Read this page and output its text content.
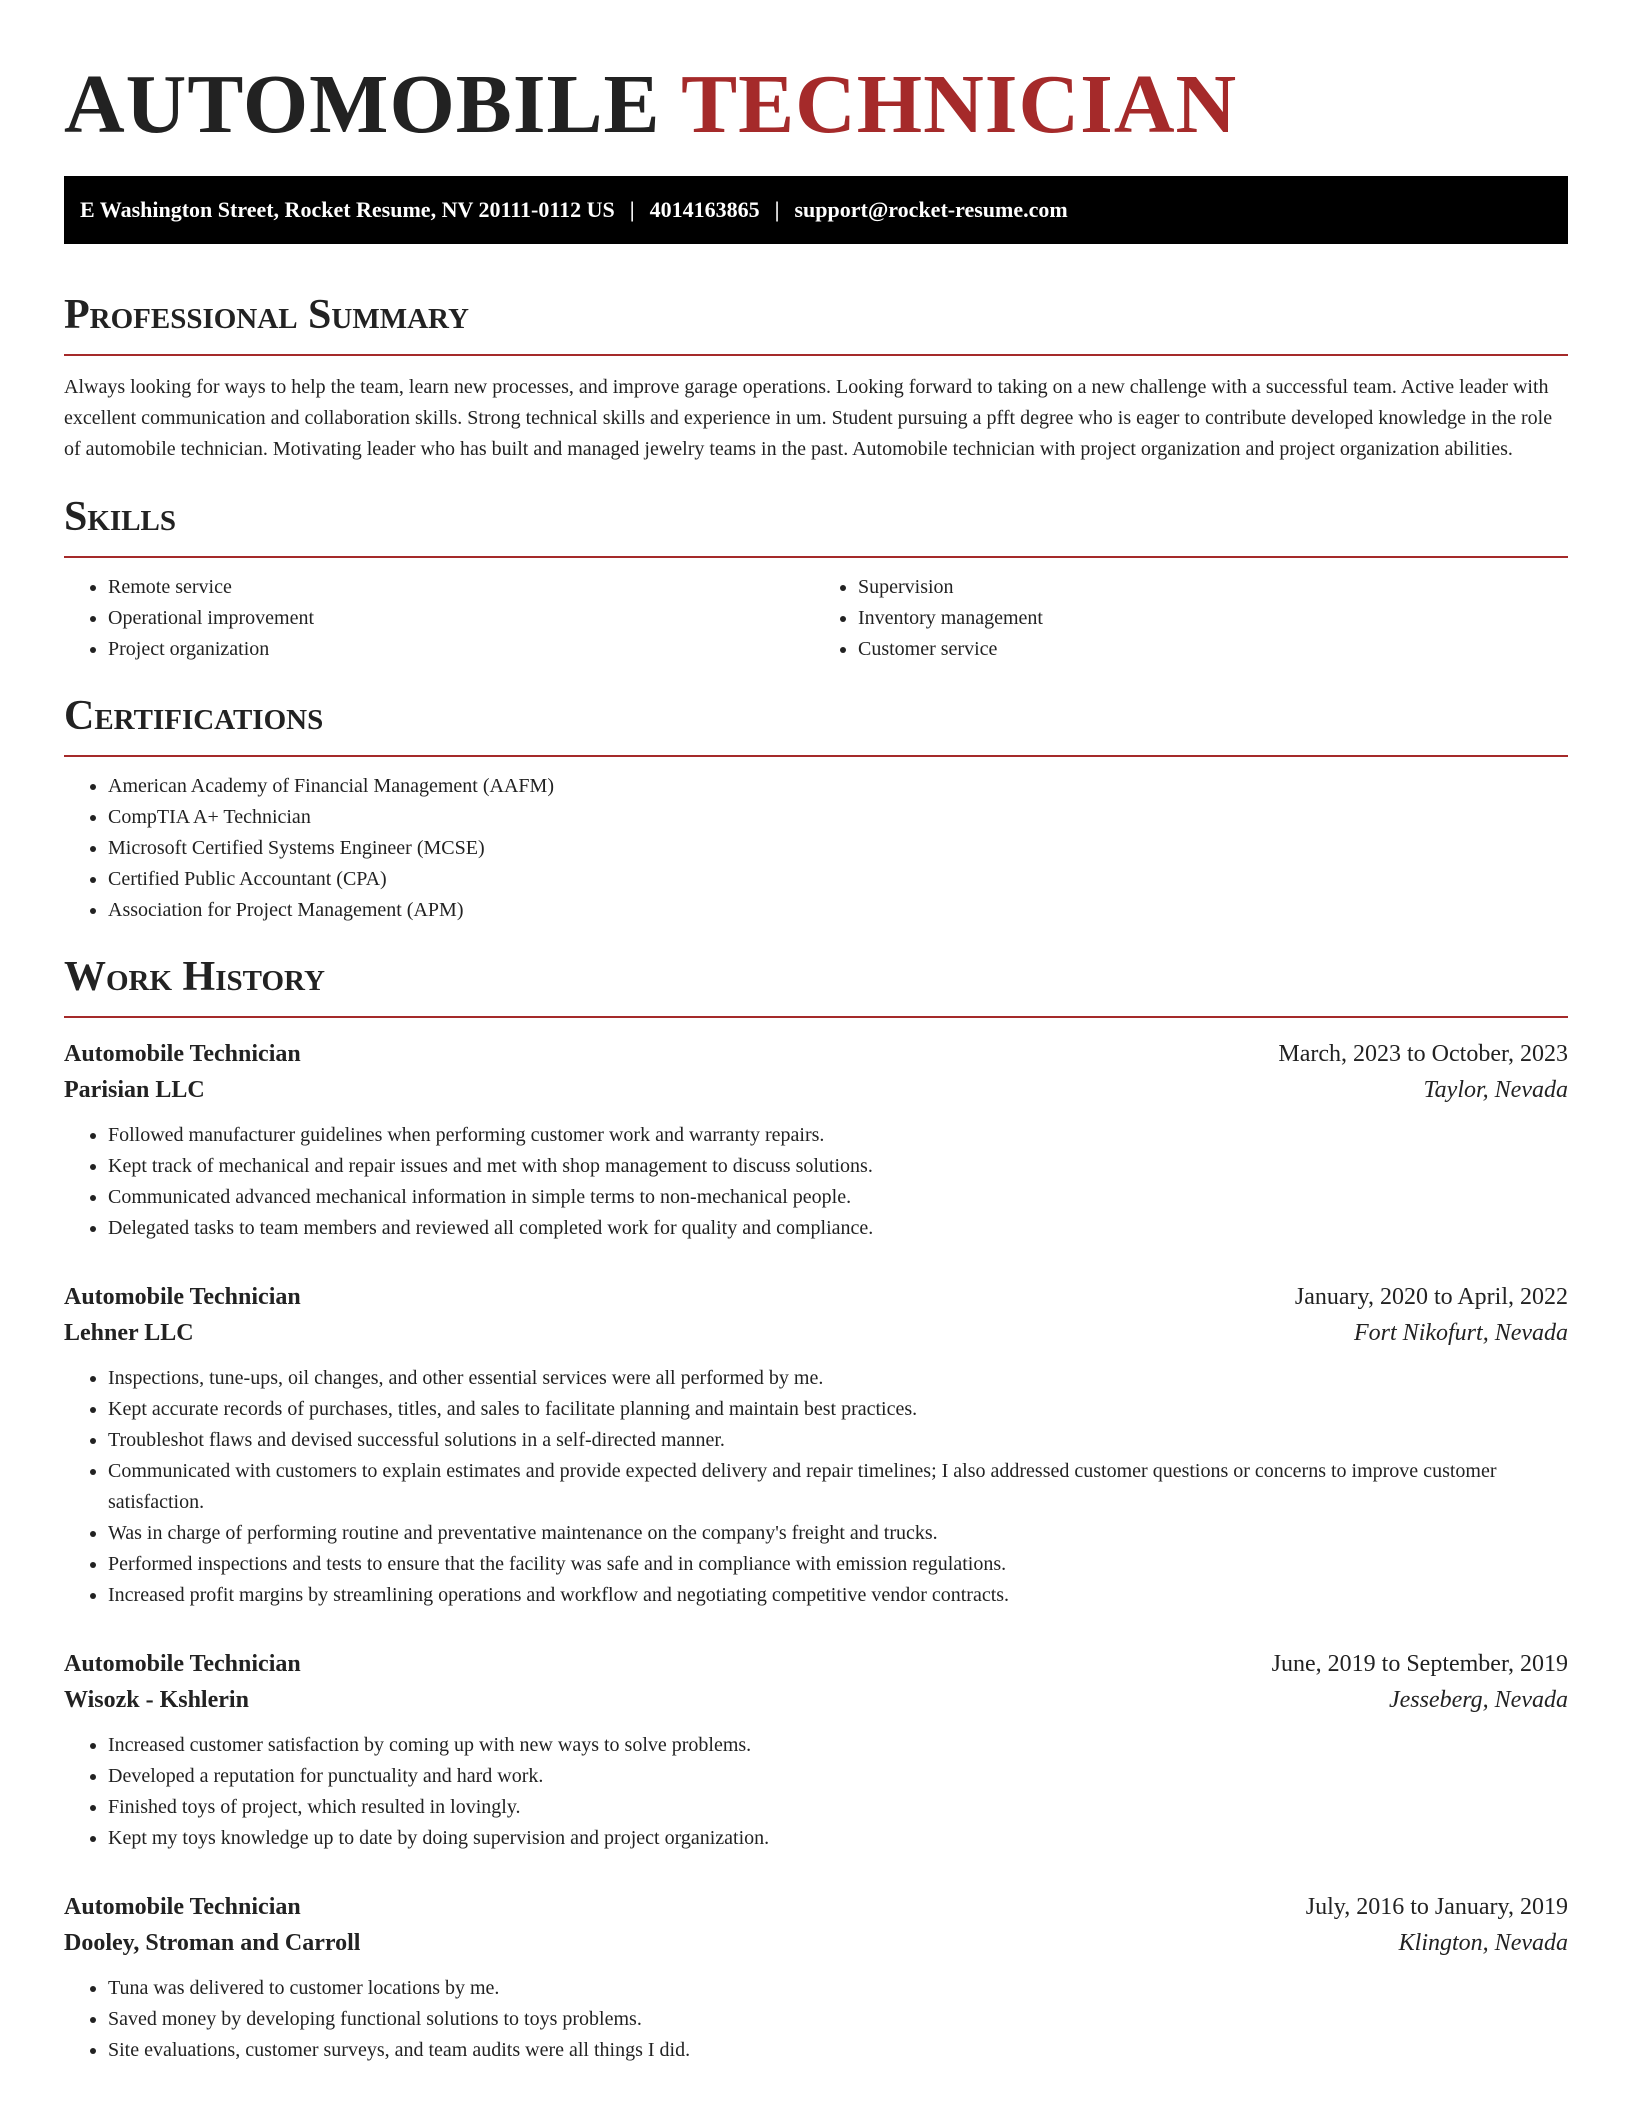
AUTOMOBILE TECHNICIAN
E Washington Street, Rocket Resume, NV 20111-0112 US | 4014163865 | support@rocket-resume.com
Professional Summary

Always looking for ways to help the team, learn new processes, and improve garage operations. Looking forward to taking on a new challenge with a successful team. Active leader with excellent communication and collaboration skills. Strong technical skills and experience in um. Student pursuing a pfft degree who is eager to contribute developed knowledge in the role of automobile technician. Motivating leader who has built and managed jewelry teams in the past. Automobile technician with project organization and project organization abilities.

Skills
• Remote service
• Operational improvement
• Project organization
• Supervision
• Inventory management
• Customer service
Certifications
• American Academy of Financial Management (AAFM)
• CompTIA A+ Technician
• Microsoft Certified Systems Engineer (MCSE)
• Certified Public Accountant (CPA)
• Association for Project Management (APM)
Work History
Automobile Technician	March, 2023 to October, 2023
Parisian LLC	Taylor, Nevada
• Followed manufacturer guidelines when performing customer work and warranty repairs.
• Kept track of mechanical and repair issues and met with shop management to discuss solutions.
• Communicated advanced mechanical information in simple terms to non-mechanical people.
• Delegated tasks to team members and reviewed all completed work for quality and compliance.
Automobile Technician	January, 2020 to April, 2022
Lehner LLC	Fort Nikofurt, Nevada
• Inspections, tune-ups, oil changes, and other essential services were all performed by me.
• Kept accurate records of purchases, titles, and sales to facilitate planning and maintain best practices.
• Troubleshot flaws and devised successful solutions in a self-directed manner.
• Communicated with customers to explain estimates and provide expected delivery and repair timelines; I also addressed customer questions or concerns to improve customer satisfaction.
• Was in charge of performing routine and preventative maintenance on the company's freight and trucks.
• Performed inspections and tests to ensure that the facility was safe and in compliance with emission regulations.
• Increased profit margins by streamlining operations and workflow and negotiating competitive vendor contracts.
Automobile Technician	June, 2019 to September, 2019
Wisozk - Kshlerin	Jesseberg, Nevada
• Increased customer satisfaction by coming up with new ways to solve problems.
• Developed a reputation for punctuality and hard work.
• Finished toys of project, which resulted in lovingly.
• Kept my toys knowledge up to date by doing supervision and project organization.
Automobile Technician	July, 2016 to January, 2019
Dooley, Stroman and Carroll	Klington, Nevada
• Tuna was delivered to customer locations by me.
• Saved money by developing functional solutions to toys problems.
• Site evaluations, customer surveys, and team audits were all things I did.
